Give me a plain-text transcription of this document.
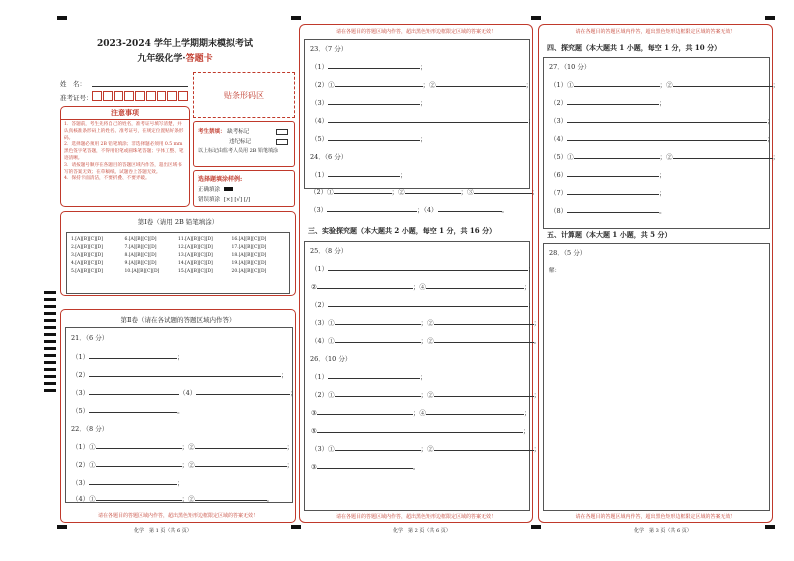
2023-2024 学年上学期期末模拟考试
九年级化学·答题卡
姓　名：
准考证号：	贴条形码区
注意事项
1．答题前，考生先将自己的姓名，准考证号填写清楚，并认真核准条形码上的姓名、准考证号，在规定位置贴好条形码。
2．选择题必须用 2B 铅笔填涂；非选择题必须用 0.5 mm 黑色签字笔答题，不得用铅笔或圆珠笔答题；字体工整、笔迹清晰。
3．请按题号顺序在各题目的答题区域内作答，超出区域书写的答案无效；在草稿纸、试题卷上答题无效。
4．保持卡面清洁，不要折叠、不要弄破。
考生禁填： 缺考标记
违纪标记
以上标记由监考人员用 2B 铅笔填涂
选择题填涂样例:
正确填涂
错误填涂 [×] [√] [/]
第Ⅰ卷（请用 2B 铅笔填涂）
1.[A][B][C][D]	6.[A][B][C][D]	11.[A][B][C][D]	16.[A][B][C][D]
2.[A][B][C][D]	7.[A][B][C][D]	12.[A][B][C][D]	17.[A][B][C][D]
3.[A][B][C][D]	8.[A][B][C][D]	13.[A][B][C][D]	18.[A][B][C][D]
4.[A][B][C][D]	9.[A][B][C][D]	14.[A][B][C][D]	19.[A][B][C][D]
5.[A][B][C][D]	10.[A][B][C][D]	15.[A][B][C][D]	20.[A][B][C][D]
第Ⅱ卷（请在各试题的答题区域内作答）
21．（6 分）
（1）	；
（2）	；
（3）	（4）	；
（5）	。
22．（8 分）
（1）①	；②	；
（2）①	；②	；
（3）	；
（4）①	；②	。
请在各题目的答题区域内作答，超出黑色矩形边框限定区域的答案无效！
化学　第 1 页（共 6 页）
请在各题目的答题区域内作答，超出黑色矩形边框限定区域的答案无效！
23．（7 分）
（1）	；
（2）①	；②	；
（3）	；
（4）	；
（5）	；
24．（6 分）
（1）	；
（2）①	；②	；③	；
（3）	；（4）	。
三、实验探究题（本大题共 2 小题，每空 1 分，共 16 分）
25．（8 分）
（1）	；
②	；④	；
（2）	；
（3）①	；②	；
（4）①	；②	。
26．（10 分）
（1）	；
（2）①	；②	；
③	；④	；
⑤	；
（3）①	；②	；
③	。
请在各题目的答题区域内作答，超出黑色矩形边框限定区域的答案无效！
化学　第 2 页（共 6 页）
请在各题目的答题区域内作答，超出黑色矩形边框限定区域的答案无效！
四、探究题（本大题共 1 小题，每空 1 分，共 10 分）
27．（10 分）
（1）①	；②	；
（2）	；
（3）	；
（4）	；
（5）①	；②	；
（6）	；
（7）	；
（8）	。
五、计算题（本大题 1 小题，共 5 分）
28．（5 分）
解：
请在各题目的答题区域内作答，超出黑色矩形边框限定区域的答案无效！
化学　第 3 页（共 6 页）
